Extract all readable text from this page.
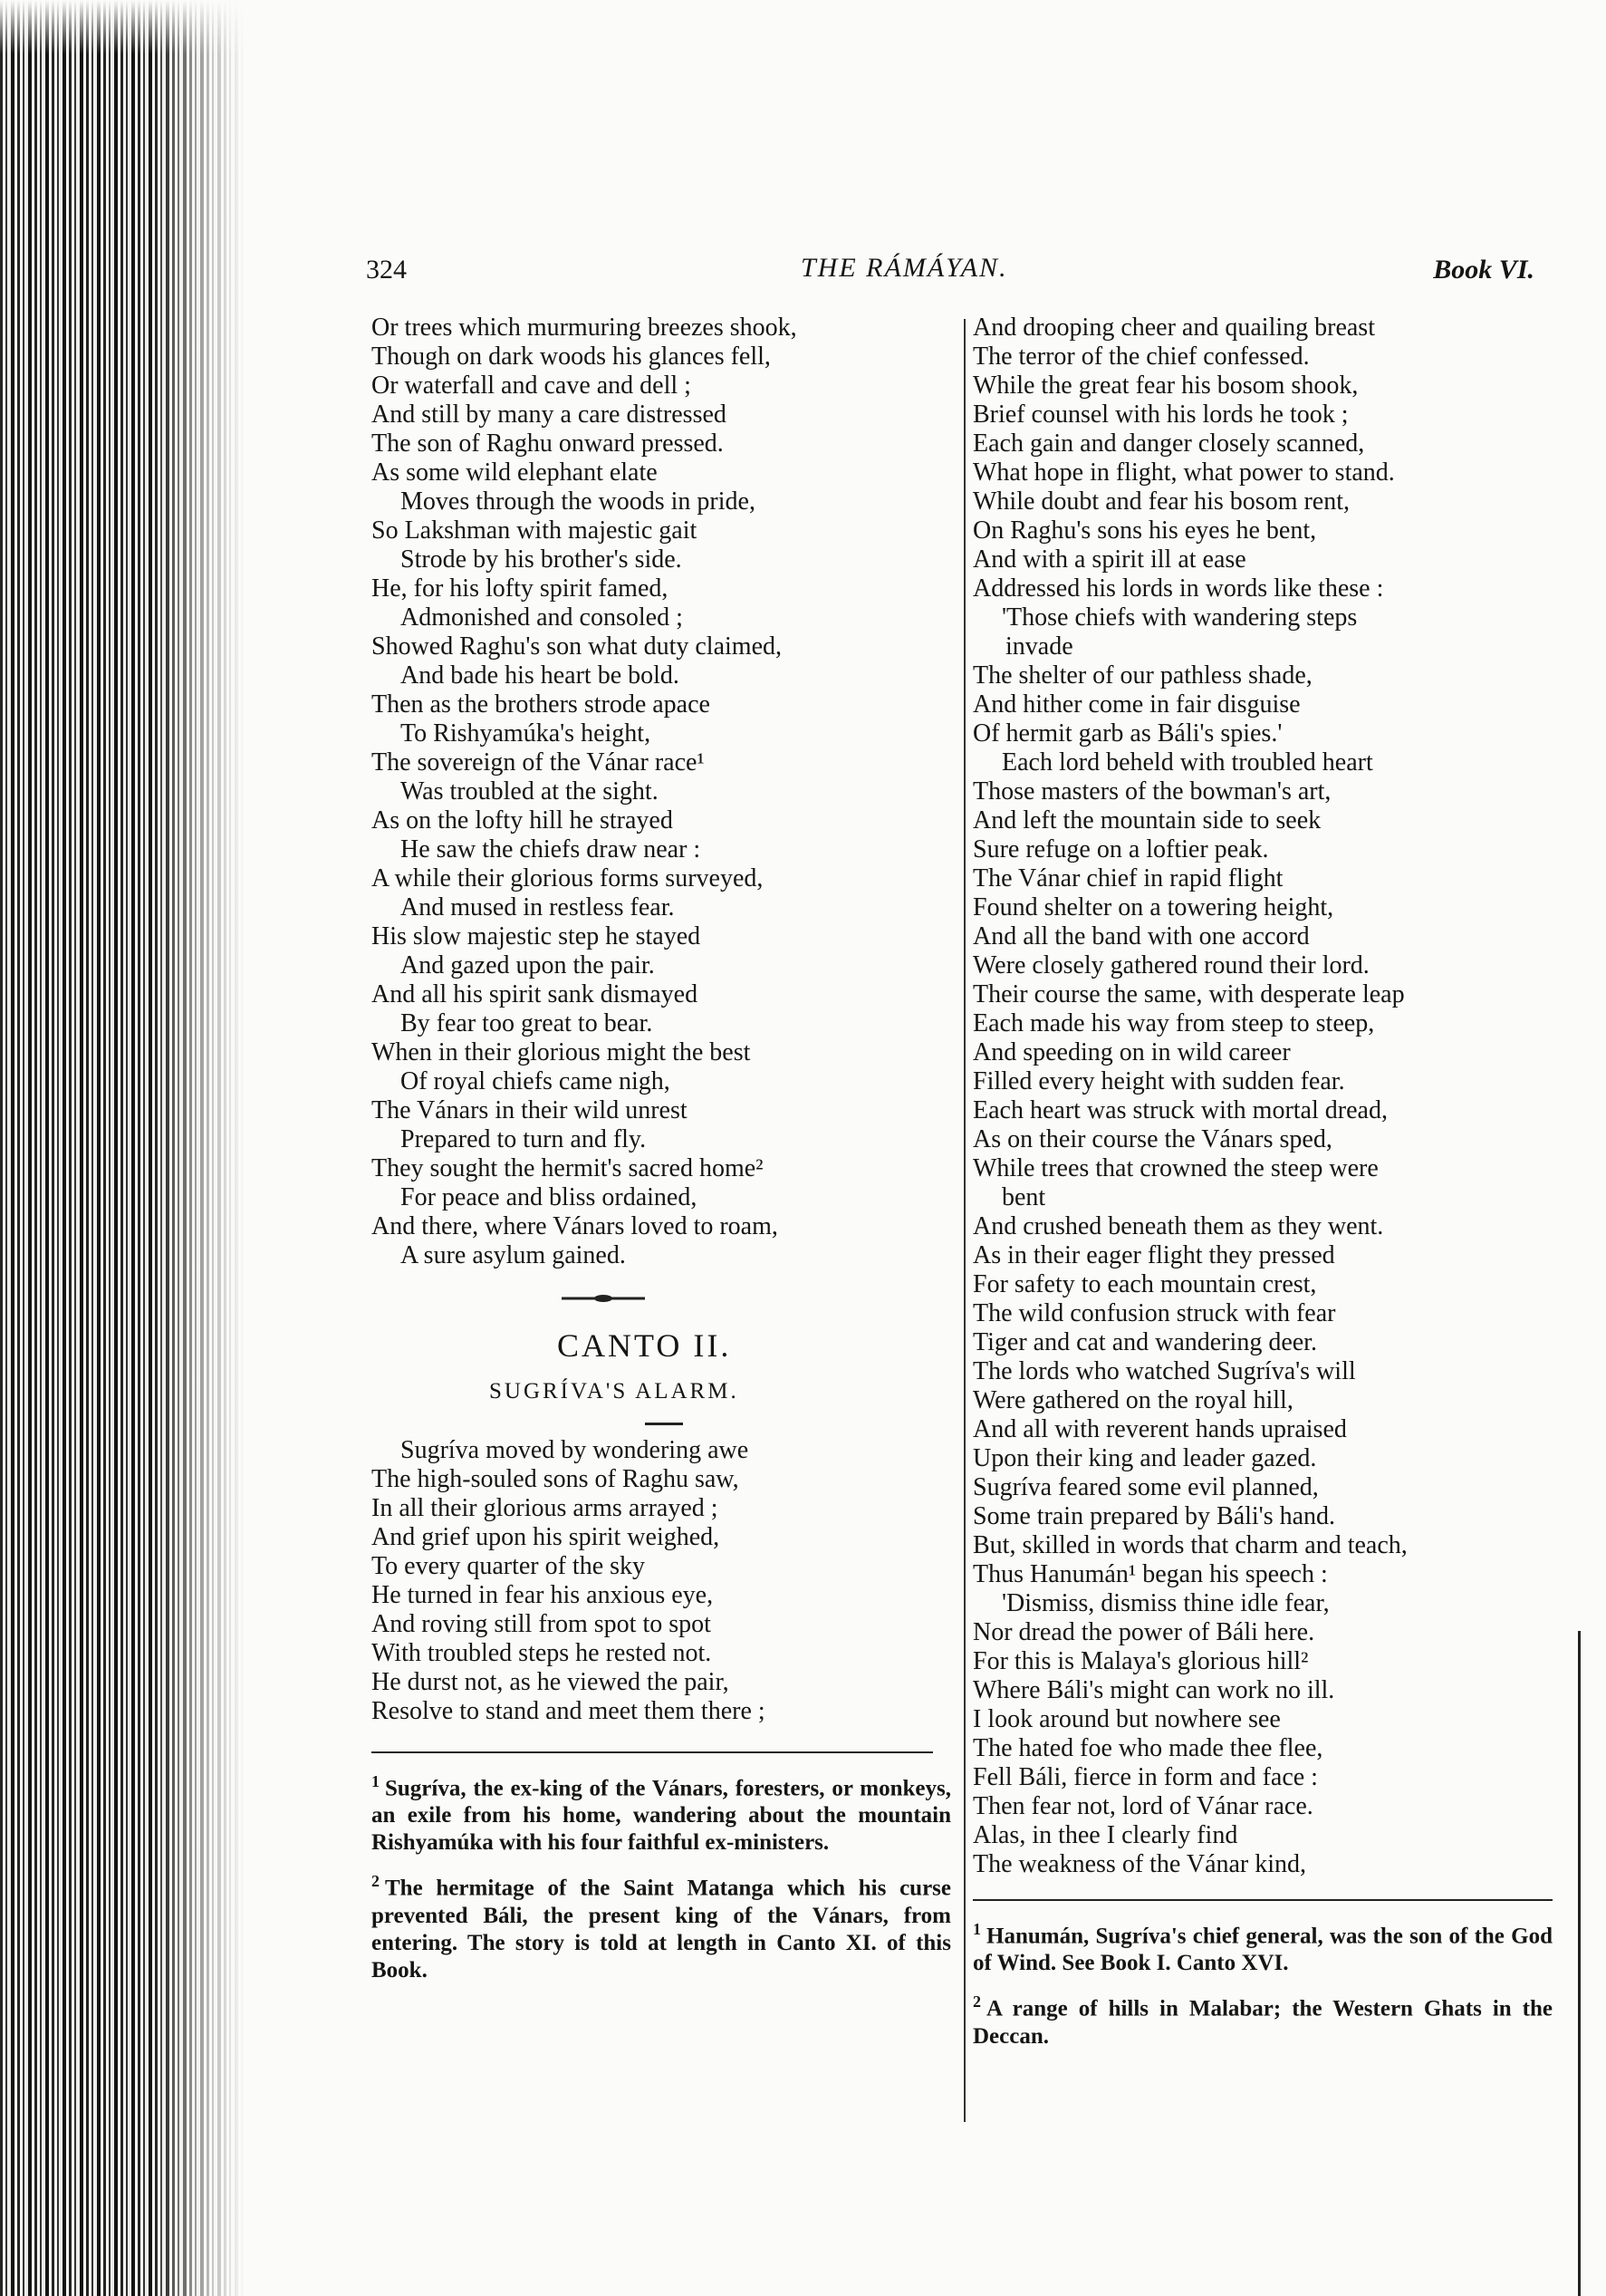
324	THE RÁMÁYAN.	Book VI.
Or trees which murmuring breezes shook,
Though on dark woods his glances fell,
Or waterfall and cave and dell ;
And still by many a care distressed
The son of Raghu onward pressed.
As some wild elephant elate
Moves through the woods in pride,
So Lakshman with majestic gait
Strode by his brother's side.
He, for his lofty spirit famed,
Admonished and consoled ;
Showed Raghu's son what duty claimed,
And bade his heart be bold.
Then as the brothers strode apace
To Rishyamúka's height,
The sovereign of the Vánar race¹
Was troubled at the sight.
As on the lofty hill he strayed
He saw the chiefs draw near :
A while their glorious forms surveyed,
And mused in restless fear.
His slow majestic step he stayed
And gazed upon the pair.
And all his spirit sank dismayed
By fear too great to bear.
When in their glorious might the best
Of royal chiefs came nigh,
The Vánars in their wild unrest
Prepared to turn and fly.
They sought the hermit's sacred home²
For peace and bliss ordained,
And there, where Vánars loved to roam,
A sure asylum gained.
CANTO II.
SUGRÍVA'S ALARM.
Sugríva moved by wondering awe
The high-souled sons of Raghu saw,
In all their glorious arms arrayed ;
And grief upon his spirit weighed,
To every quarter of the sky
He turned in fear his anxious eye,
And roving still from spot to spot
With troubled steps he rested not.
He durst not, as he viewed the pair,
Resolve to stand and meet them there ;
$^1$ Sugríva, the ex-king of the Vánars, foresters, or monkeys, an exile from his home, wandering about the mountain Rishyamúka with his four faithful ex-ministers.
$^2$ The hermitage of the Saint Matanga which his curse prevented Báli, the present king of the Vánars, from entering. The story is told at length in Canto XI. of this Book.
And drooping cheer and quailing breast
The terror of the chief confessed.
While the great fear his bosom shook,
Brief counsel with his lords he took ;
Each gain and danger closely scanned,
What hope in flight, what power to stand.
While doubt and fear his bosom rent,
On Raghu's sons his eyes he bent,
And with a spirit ill at ease
Addressed his lords in words like these :
'Those chiefs with wandering steps
invade
The shelter of our pathless shade,
And hither come in fair disguise
Of hermit garb as Báli's spies.'
Each lord beheld with troubled heart
Those masters of the bowman's art,
And left the mountain side to seek
Sure refuge on a loftier peak.
The Vánar chief in rapid flight
Found shelter on a towering height,
And all the band with one accord
Were closely gathered round their lord.
Their course the same, with desperate leap
Each made his way from steep to steep,
And speeding on in wild career
Filled every height with sudden fear.
Each heart was struck with mortal dread,
As on their course the Vánars sped,
While trees that crowned the steep were
bent
And crushed beneath them as they went.
As in their eager flight they pressed
For safety to each mountain crest,
The wild confusion struck with fear
Tiger and cat and wandering deer.
The lords who watched Sugríva's will
Were gathered on the royal hill,
And all with reverent hands upraised
Upon their king and leader gazed.
Sugríva feared some evil planned,
Some train prepared by Báli's hand.
But, skilled in words that charm and teach,
Thus Hanumán¹ began his speech :
'Dismiss, dismiss thine idle fear,
Nor dread the power of Báli here.
For this is Malaya's glorious hill²
Where Báli's might can work no ill.
I look around but nowhere see
The hated foe who made thee flee,
Fell Báli, fierce in form and face :
Then fear not, lord of Vánar race.
Alas, in thee I clearly find
The weakness of the Vánar kind,
$^1$ Hanumán, Sugríva's chief general, was the son of the God of Wind. See Book I. Canto XVI.
$^2$ A range of hills in Malabar; the Western Ghats in the Deccan.
